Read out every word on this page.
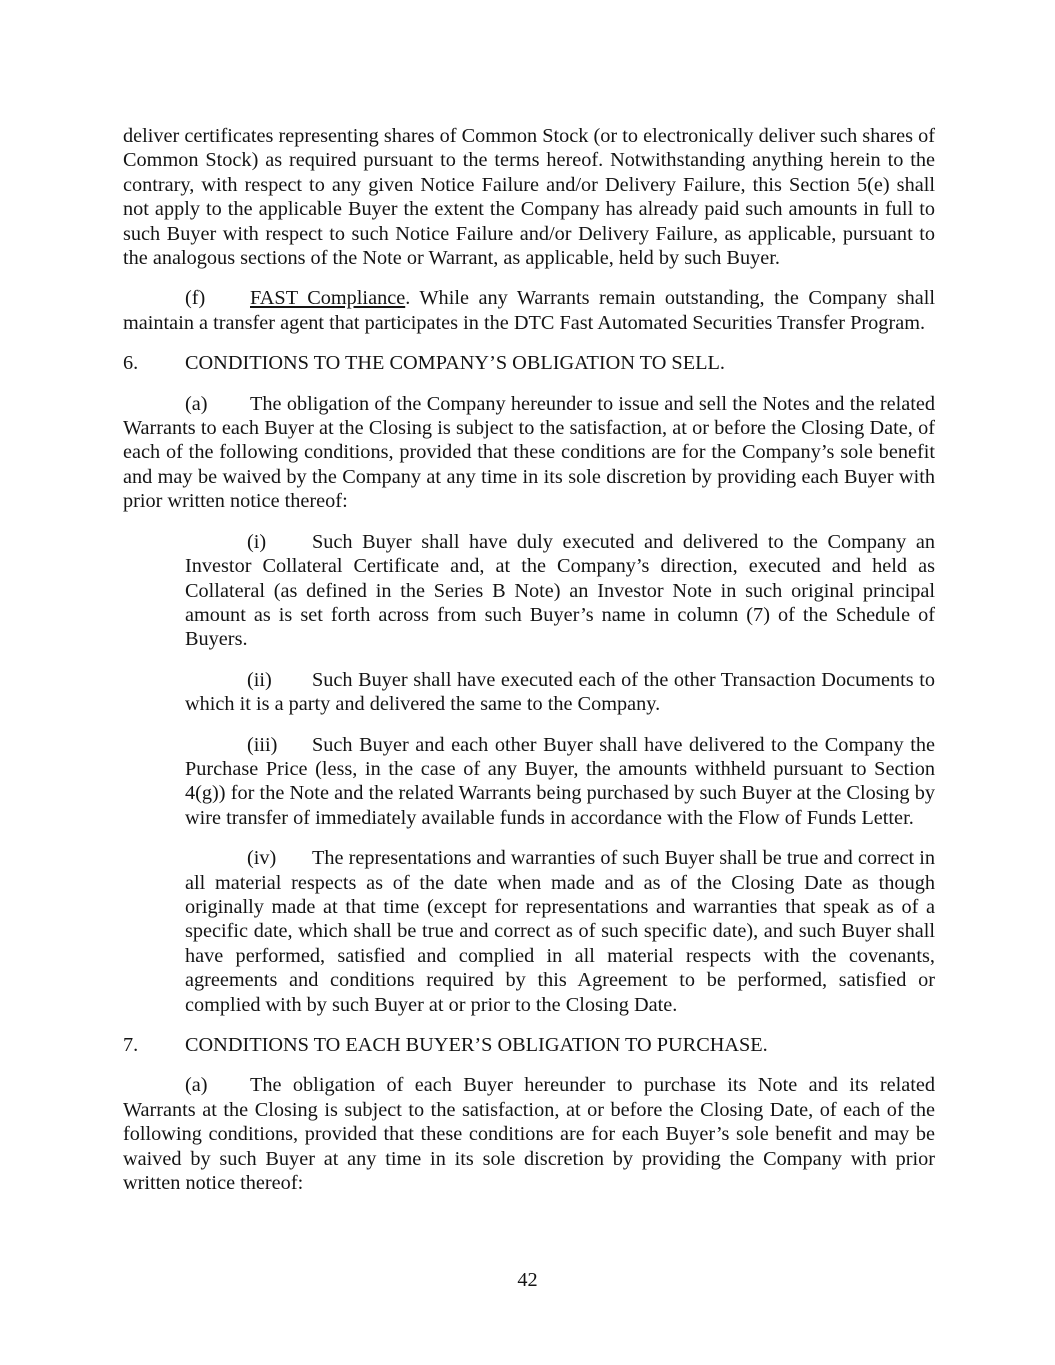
deliver certificates representing shares of Common Stock (or to electronically deliver such shares of Common Stock) as required pursuant to the terms hereof. Notwithstanding anything herein to the contrary, with respect to any given Notice Failure and/or Delivery Failure, this Section 5(e) shall not apply to the applicable Buyer the extent the Company has already paid such amounts in full to such Buyer with respect to such Notice Failure and/or Delivery Failure, as applicable, pursuant to the analogous sections of the Note or Warrant, as applicable, held by such Buyer.

(f) FAST Compliance. While any Warrants remain outstanding, the Company shall maintain a transfer agent that participates in the DTC Fast Automated Securities Transfer Program.

6. CONDITIONS TO THE COMPANY’S OBLIGATION TO SELL.

(a) The obligation of the Company hereunder to issue and sell the Notes and the related Warrants to each Buyer at the Closing is subject to the satisfaction, at or before the Closing Date, of each of the following conditions, provided that these conditions are for the Company’s sole benefit and may be waived by the Company at any time in its sole discretion by providing each Buyer with prior written notice thereof:

(i) Such Buyer shall have duly executed and delivered to the Company an Investor Collateral Certificate and, at the Company’s direction, executed and held as Collateral (as defined in the Series B Note) an Investor Note in such original principal amount as is set forth across from such Buyer’s name in column (7) of the Schedule of Buyers.

(ii) Such Buyer shall have executed each of the other Transaction Documents to which it is a party and delivered the same to the Company.

(iii) Such Buyer and each other Buyer shall have delivered to the Company the Purchase Price (less, in the case of any Buyer, the amounts withheld pursuant to Section 4(g)) for the Note and the related Warrants being purchased by such Buyer at the Closing by wire transfer of immediately available funds in accordance with the Flow of Funds Letter.

(iv) The representations and warranties of such Buyer shall be true and correct in all material respects as of the date when made and as of the Closing Date as though originally made at that time (except for representations and warranties that speak as of a specific date, which shall be true and correct as of such specific date), and such Buyer shall have performed, satisfied and complied in all material respects with the covenants, agreements and conditions required by this Agreement to be performed, satisfied or complied with by such Buyer at or prior to the Closing Date.

7. CONDITIONS TO EACH BUYER’S OBLIGATION TO PURCHASE.

(a) The obligation of each Buyer hereunder to purchase its Note and its related Warrants at the Closing is subject to the satisfaction, at or before the Closing Date, of each of the following conditions, provided that these conditions are for each Buyer’s sole benefit and may be waived by such Buyer at any time in its sole discretion by providing the Company with prior written notice thereof:

42
